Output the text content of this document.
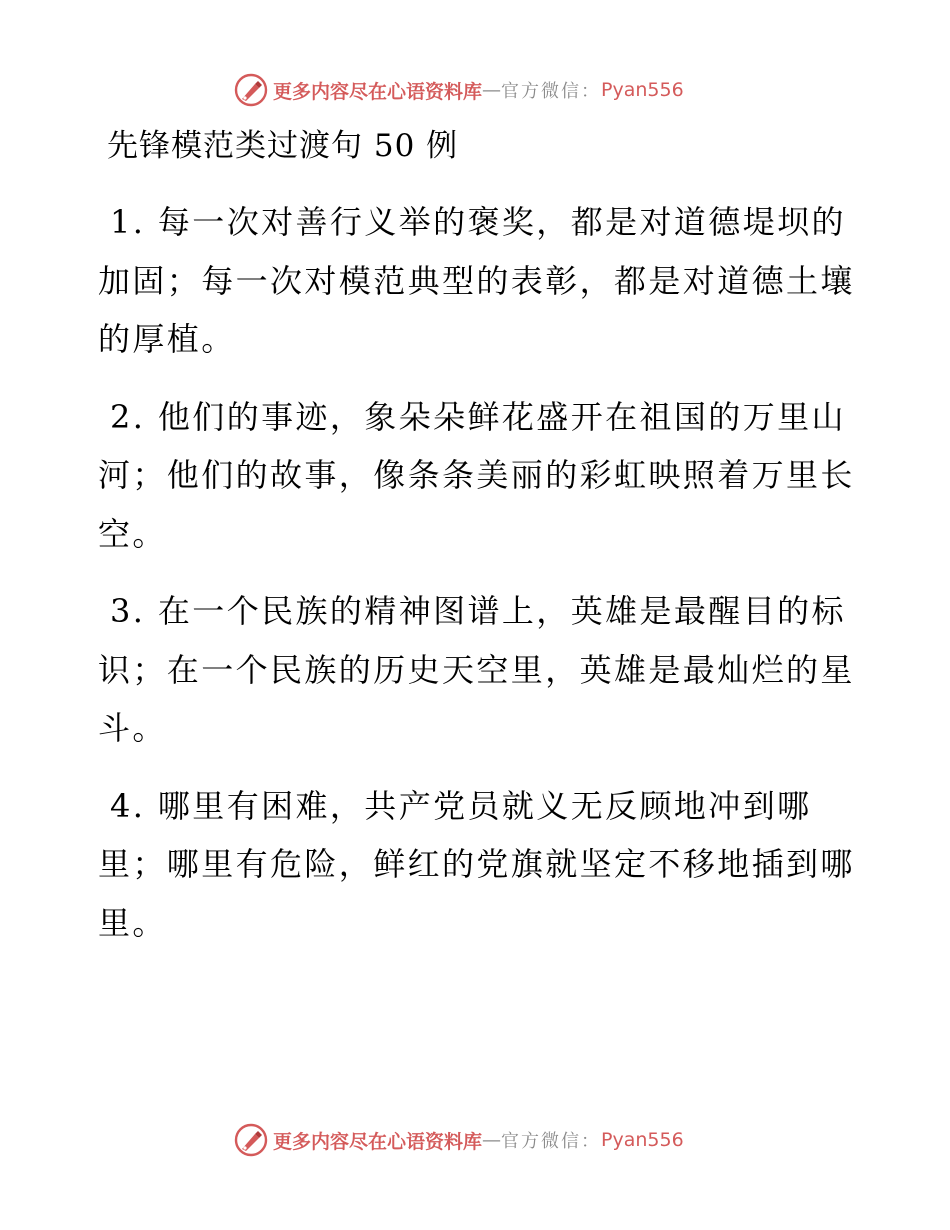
更多内容尽在心语资料库 — 官方微信： Pyan556
先锋模范类过渡句 50 例

1. 每一次对善行义举的褒奖，都是对道德堤坝的加固；每一次对模范典型的表彰，都是对道德土壤的厚植。

2. 他们的事迹，象朵朵鲜花盛开在祖国的万里山河；他们的故事，像条条美丽的彩虹映照着万里长空。

3. 在一个民族的精神图谱上，英雄是最醒目的标识；在一个民族的历史天空里，英雄是最灿烂的星斗。

4. 哪里有困难，共产党员就义无反顾地冲到哪里；哪里有危险，鲜红的党旗就坚定不移地插到哪里。

更多内容尽在心语资料库 — 官方微信： Pyan556
